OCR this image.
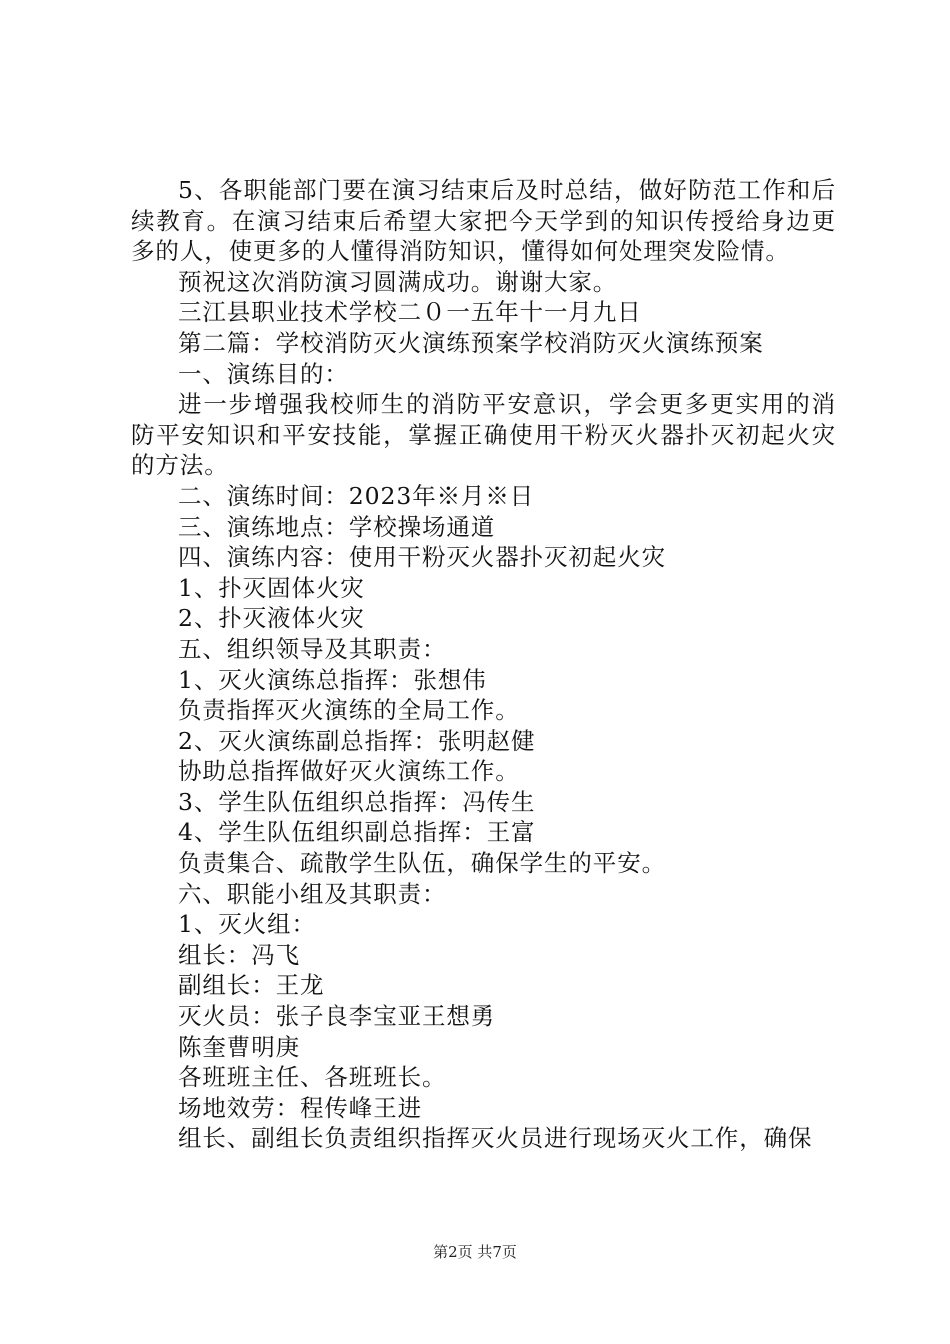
5、各职能部门要在演习结束后及时总结，做好防范工作和后续教育。在演习结束后希望大家把今天学到的知识传授给身边更多的人，使更多的人懂得消防知识，懂得如何处理突发险情。

预祝这次消防演习圆满成功。谢谢大家。

三江县职业技术学校二０一五年十一月九日

第二篇：学校消防灭火演练预案学校消防灭火演练预案

一、演练目的：

进一步增强我校师生的消防平安意识，学会更多更实用的消防平安知识和平安技能，掌握正确使用干粉灭火器扑灭初起火灾的方法。

二、演练时间：2023年※月※日

三、演练地点：学校操场通道

四、演练内容：使用干粉灭火器扑灭初起火灾

1、扑灭固体火灾

2、扑灭液体火灾

五、组织领导及其职责：

1、灭火演练总指挥：张想伟

负责指挥灭火演练的全局工作。

2、灭火演练副总指挥：张明赵健

协助总指挥做好灭火演练工作。

3、学生队伍组织总指挥：冯传生

4、学生队伍组织副总指挥：王富

负责集合、疏散学生队伍，确保学生的平安。

六、职能小组及其职责：

1、灭火组：

组长：冯飞

副组长：王龙

灭火员：张子良李宝亚王想勇

陈奎曹明庚

各班班主任、各班班长。

场地效劳：程传峰王进

组长、副组长负责组织指挥灭火员进行现场灭火工作，确保

第2页 共7页
